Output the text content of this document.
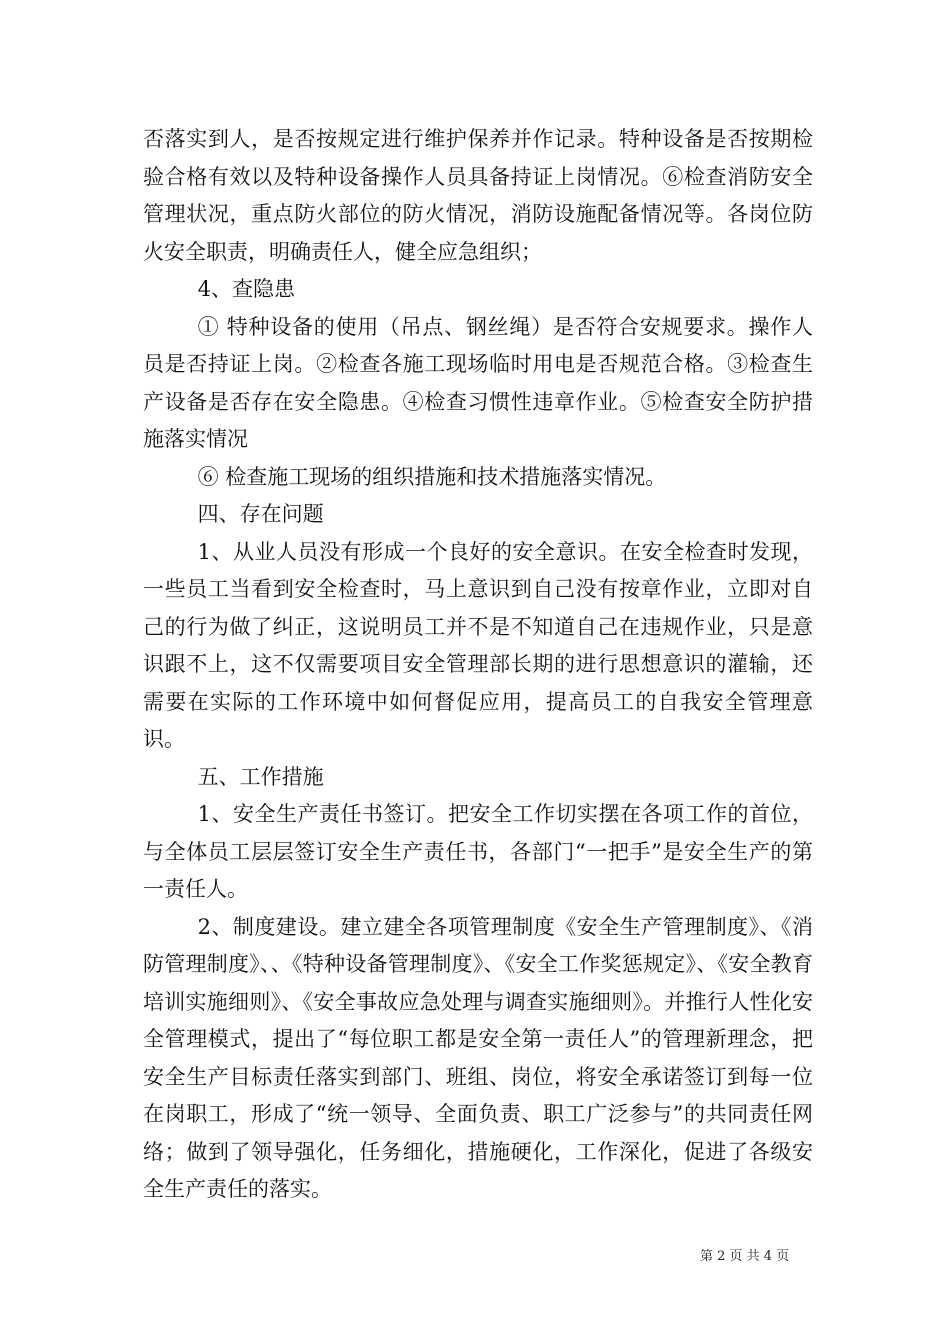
否落实到人，是否按规定进行维护保养并作记录。特种设备是否按期检验合格有效以及特种设备操作人员具备持证上岗情况。⑥检查消防安全管理状况，重点防火部位的防火情况，消防设施配备情况等。各岗位防火安全职责，明确责任人，健全应急组织；

4、查隐患

① 特种设备的使用（吊点、钢丝绳）是否符合安规要求。操作人员是否持证上岗。②检查各施工现场临时用电是否规范合格。③检查生产设备是否存在安全隐患。④检查习惯性违章作业。⑤检查安全防护措施落实情况

⑥ 检查施工现场的组织措施和技术措施落实情况。

四、存在问题

1、从业人员没有形成一个良好的安全意识。在安全检查时发现，一些员工当看到安全检查时，马上意识到自己没有按章作业，立即对自己的行为做了纠正，这说明员工并不是不知道自己在违规作业，只是意识跟不上，这不仅需要项目安全管理部长期的进行思想意识的灌输，还需要在实际的工作环境中如何督促应用，提高员工的自我安全管理意识。

五、工作措施

1、安全生产责任书签订。把安全工作切实摆在各项工作的首位，与全体员工层层签订安全生产责任书，各部门“一把手”是安全生产的第一责任人。

2、制度建设。建立建全各项管理制度《安全生产管理制度》、《消防管理制度》、、《特种设备管理制度》、《安全工作奖惩规定》、《安全教育培训实施细则》、《安全事故应急处理与调查实施细则》。并推行人性化安全管理模式，提出了“每位职工都是安全第一责任人”的管理新理念，把安全生产目标责任落实到部门、班组、岗位，将安全承诺签订到每一位在岗职工，形成了“统一领导、全面负责、职工广泛参与”的共同责任网络；做到了领导强化，任务细化，措施硬化，工作深化，促进了各级安全生产责任的落实。

第 2 页 共 4 页
